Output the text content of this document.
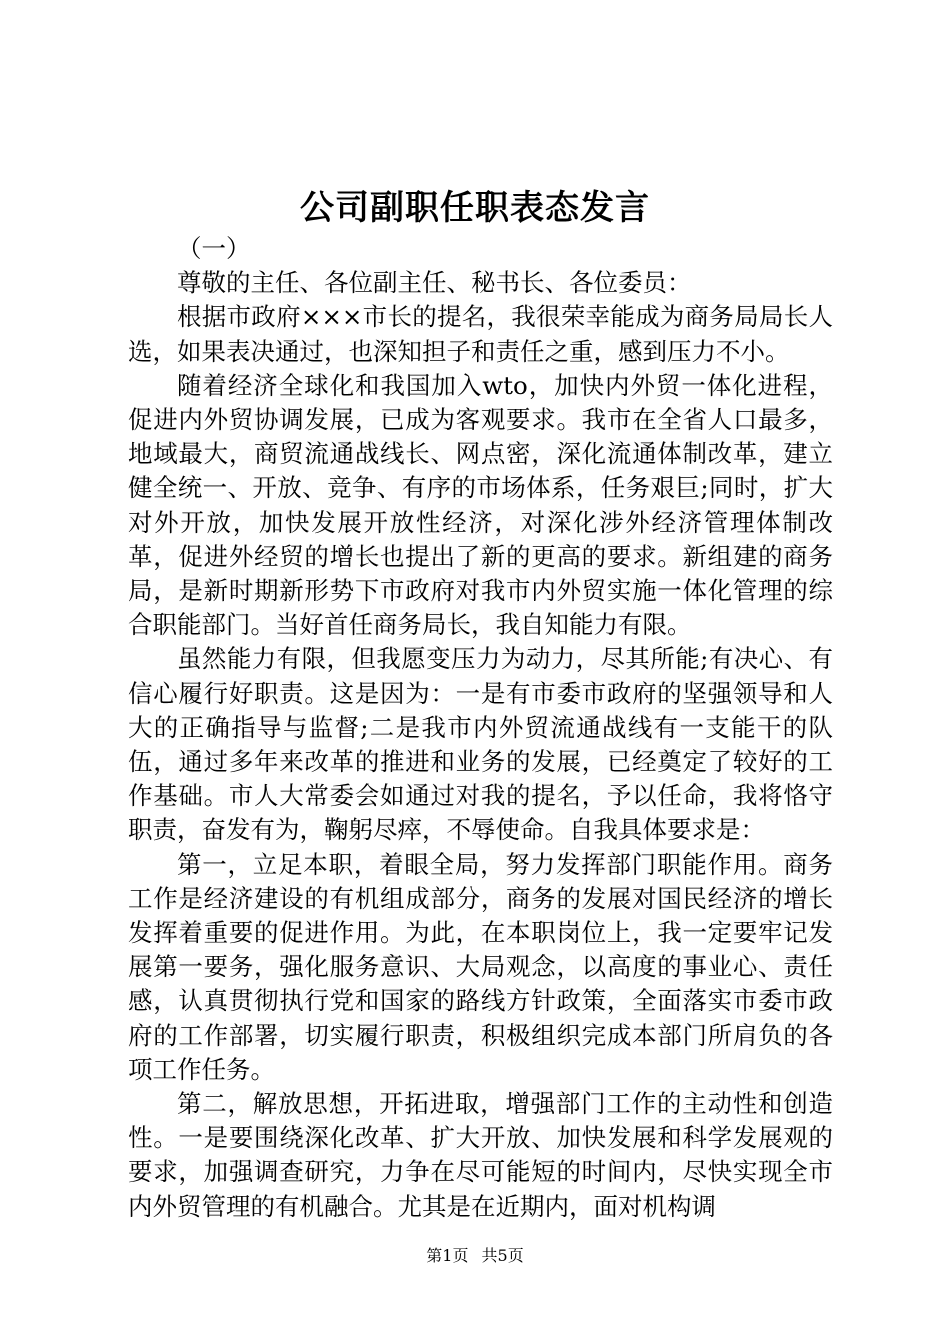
公司副职任职表态发言

（一）

尊敬的主任、各位副主任、秘书长、各位委员：

根据市政府×××市长的提名，我很荣幸能成为商务局局长人选，如果表决通过，也深知担子和责任之重，感到压力不小。

随着经济全球化和我国加入wto，加快内外贸一体化进程，促进内外贸协调发展，已成为客观要求。我市在全省人口最多，地域最大，商贸流通战线长、网点密，深化流通体制改革，建立健全统一、开放、竞争、有序的市场体系，任务艰巨;同时，扩大对外开放，加快发展开放性经济，对深化涉外经济管理体制改革，促进外经贸的增长也提出了新的更高的要求。新组建的商务局，是新时期新形势下市政府对我市内外贸实施一体化管理的综合职能部门。当好首任商务局长，我自知能力有限。

虽然能力有限，但我愿变压力为动力，尽其所能;有决心、有信心履行好职责。这是因为：一是有市委市政府的坚强领导和人大的正确指导与监督;二是我市内外贸流通战线有一支能干的队伍，通过多年来改革的推进和业务的发展，已经奠定了较好的工作基础。市人大常委会如通过对我的提名，予以任命，我将恪守职责，奋发有为，鞠躬尽瘁，不辱使命。自我具体要求是：

第一，立足本职，着眼全局，努力发挥部门职能作用。商务工作是经济建设的有机组成部分，商务的发展对国民经济的增长发挥着重要的促进作用。为此，在本职岗位上，我一定要牢记发展第一要务，强化服务意识、大局观念，以高度的事业心、责任感，认真贯彻执行党和国家的路线方针政策，全面落实市委市政府的工作部署，切实履行职责，积极组织完成本部门所肩负的各项工作任务。

第二，解放思想，开拓进取，增强部门工作的主动性和创造性。一是要围绕深化改革、扩大开放、加快发展和科学发展观的要求，加强调查研究，力争在尽可能短的时间内，尽快实现全市内外贸管理的有机融合。尤其是在近期内，面对机构调

第1页 共5页
